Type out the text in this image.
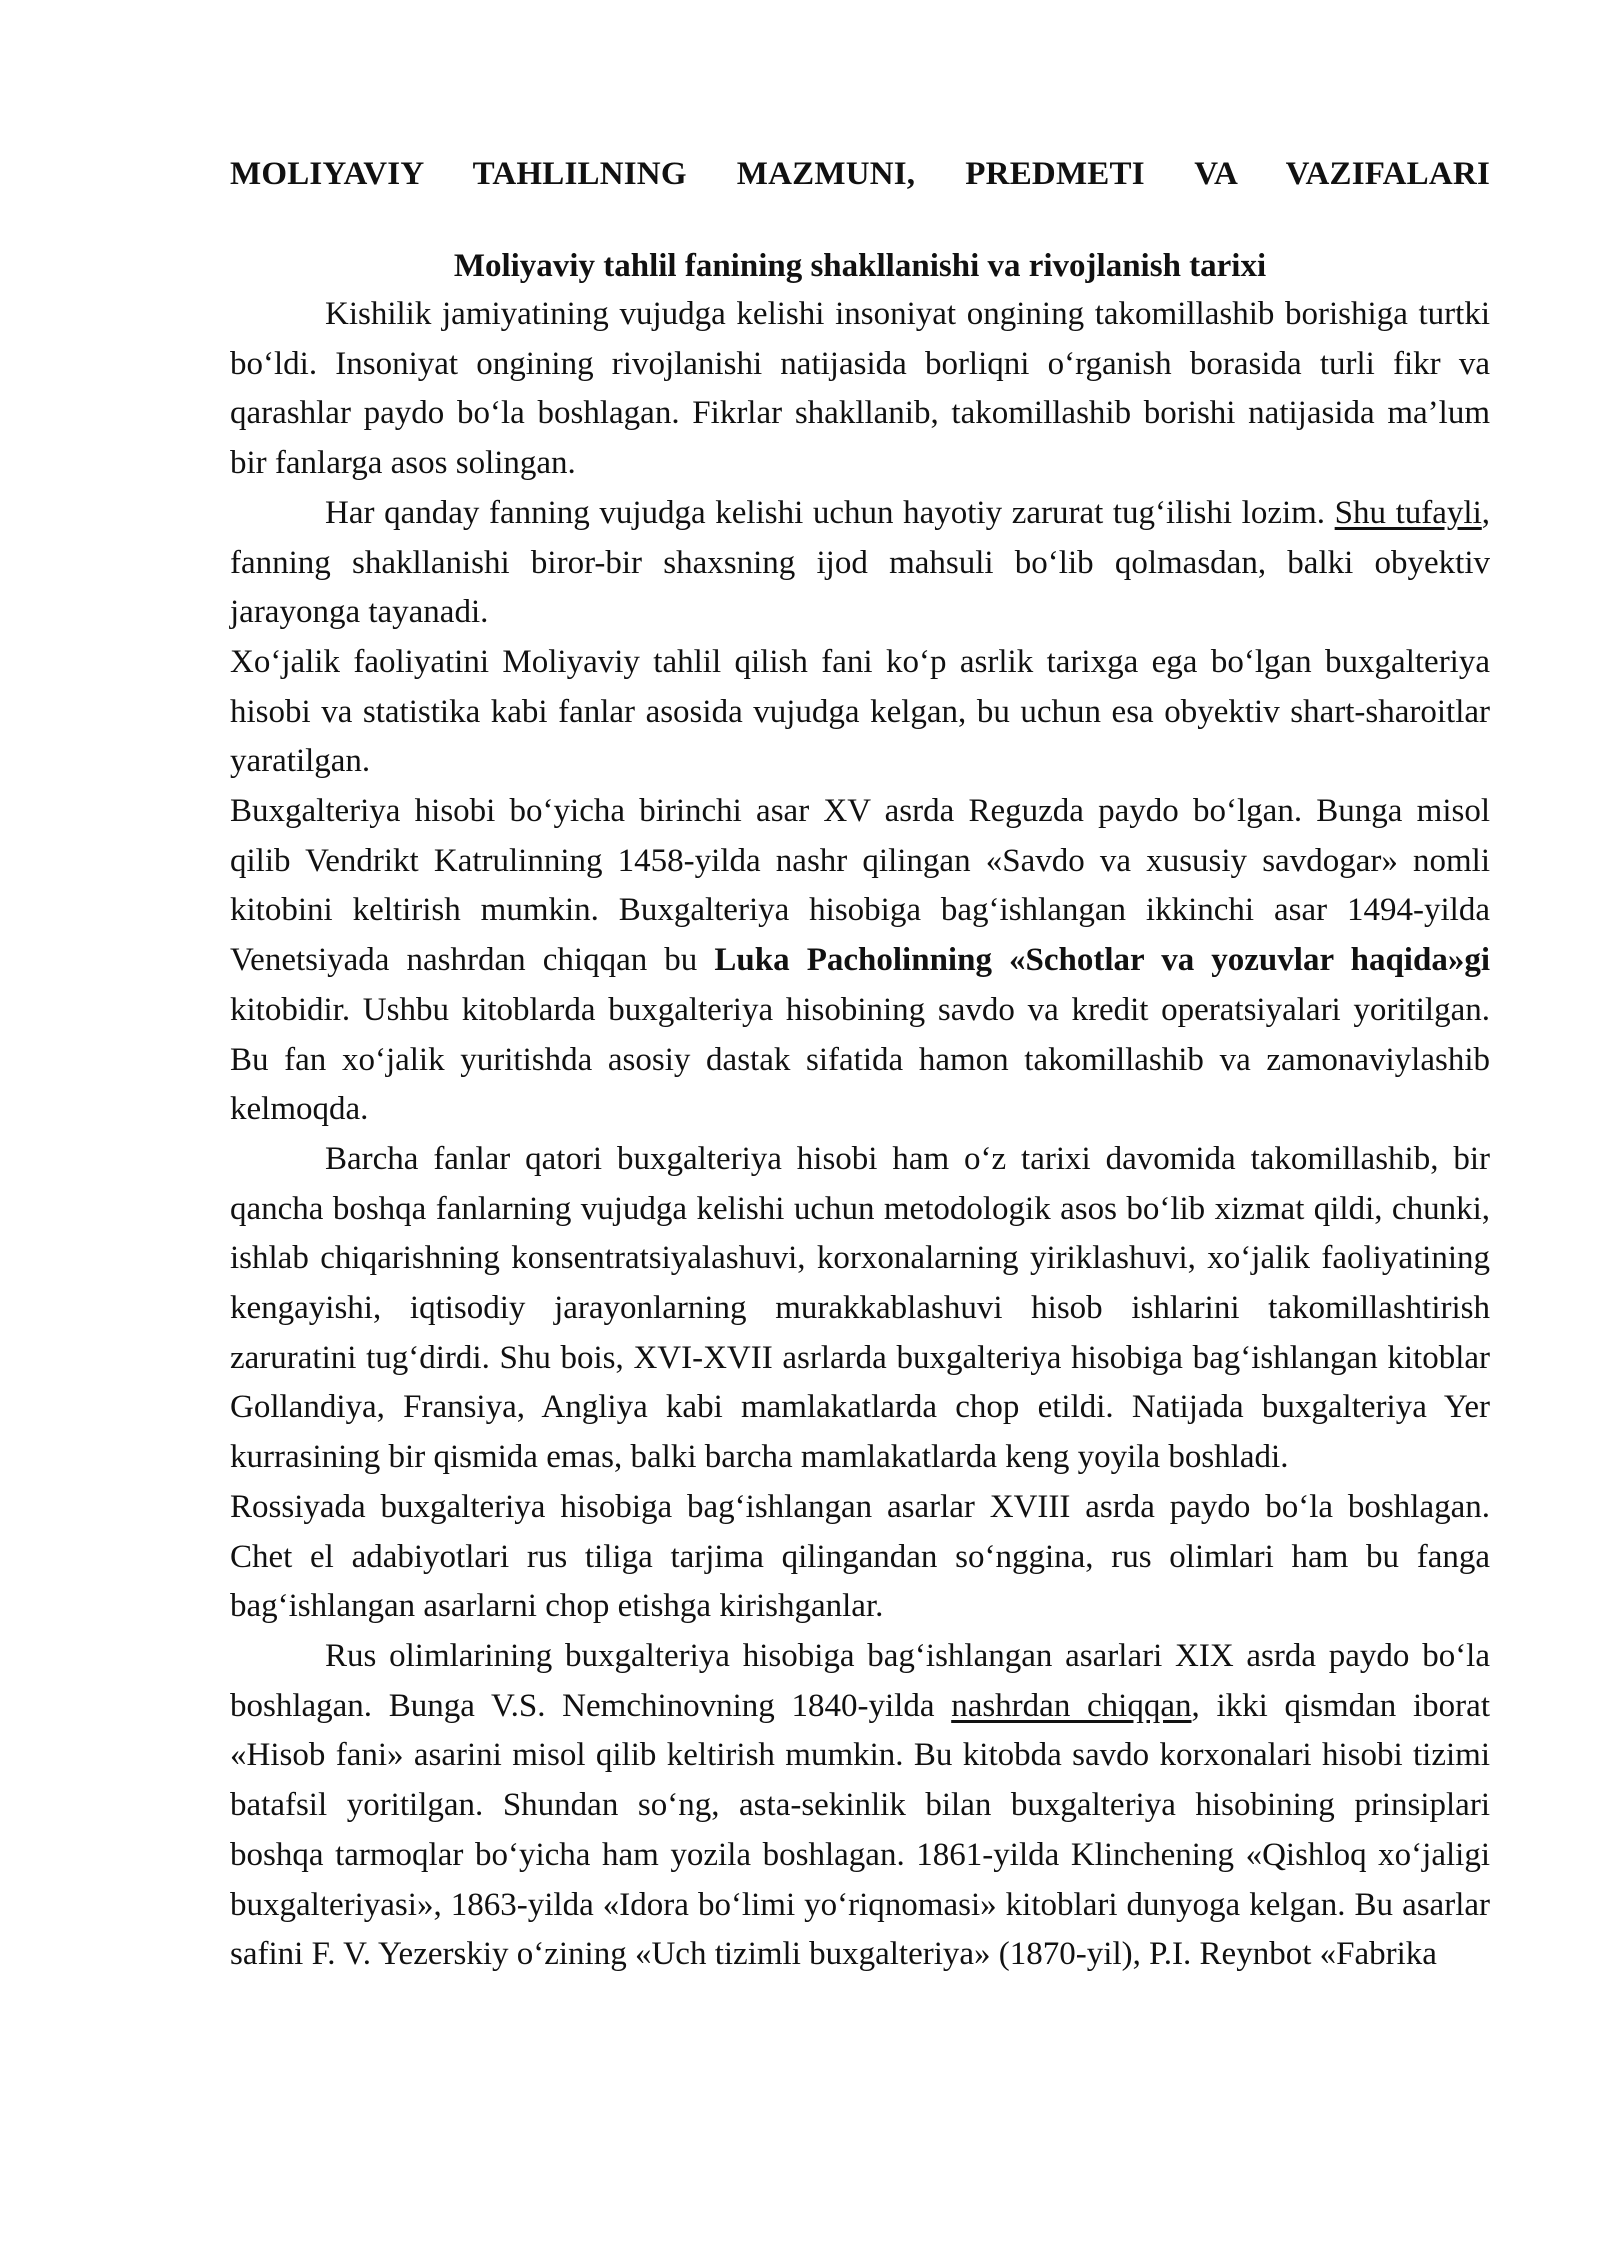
MOLIYAVIY TAHLILNING MAZMUNI, PREDMETI VA VAZIFALARI
Moliyaviy tahlil fanining shakllanishi va rivojlanish tarixi

Kishilik jamiyatining vujudga kelishi insoniyat ongining takomillashib borishiga turtki bo‘ldi. Insoniyat ongining rivojlanishi natijasida borliqni o‘rganish borasida turli fikr va qarashlar paydo bo‘la boshlagan. Fikrlar shakllanib, takomillashib borishi natijasida ma’lum bir fanlarga asos solingan.

Har qanday fanning vujudga kelishi uchun hayotiy zarurat tug‘ilishi lozim. Shu tufayli, fanning shakllanishi biror-bir shaxsning ijod mahsuli bo‘lib qolmasdan, balki obyektiv jarayonga tayanadi.

Xo‘jalik faoliyatini Moliyaviy tahlil qilish fani ko‘p asrlik tarixga ega bo‘lgan buxgalteriya hisobi va statistika kabi fanlar asosida vujudga kelgan, bu uchun esa obyektiv shart-sharoitlar yaratilgan.

Buxgalteriya hisobi bo‘yicha birinchi asar XV asrda Reguzda paydo bo‘lgan. Bunga misol qilib Vendrikt Katrulinning 1458-yilda nashr qilingan «Savdo va xususiy savdogar» nomli kitobini keltirish mumkin. Buxgalteriya hisobiga bag‘ishlangan ikkinchi asar 1494-yilda Venetsiyada nashrdan chiqqan bu Luka Pacholinning «Schotlar va yozuvlar haqida»gi kitobidir. Ushbu kitoblarda buxgalteriya hisobining savdo va kredit operatsiyalari yoritilgan. Bu fan xo‘jalik yuritishda asosiy dastak sifatida hamon takomillashib va zamonaviylashib kelmoqda.

Barcha fanlar qatori buxgalteriya hisobi ham o‘z tarixi davomida takomillashib, bir qancha boshqa fanlarning vujudga kelishi uchun metodologik asos bo‘lib xizmat qildi, chunki, ishlab chiqarishning konsentratsiyalashuvi, korxonalarning yiriklashuvi, xo‘jalik faoliyatining kengayishi, iqtisodiy jarayonlarning murakkablashuvi hisob ishlarini takomillashtirish zaruratini tug‘dirdi. Shu bois, XVI-XVII asrlarda buxgalteriya hisobiga bag‘ishlangan kitoblar Gollandiya, Fransiya, Angliya kabi mamlakatlarda chop etildi. Natijada buxgalteriya Yer kurrasining bir qismida emas, balki barcha mamlakatlarda keng yoyila boshladi.

Rossiyada buxgalteriya hisobiga bag‘ishlangan asarlar XVIII asrda paydo bo‘la boshlagan. Chet el adabiyotlari rus tiliga tarjima qilingandan so‘nggina, rus olimlari ham bu fanga bag‘ishlangan asarlarni chop etishga kirishganlar.

Rus olimlarining buxgalteriya hisobiga bag‘ishlangan asarlari XIX asrda paydo bo‘la boshlagan. Bunga V.S. Nemchinovning 1840-yilda nashrdan chiqqan, ikki qismdan iborat «Hisob fani» asarini misol qilib keltirish mumkin. Bu kitobda savdo korxonalari hisobi tizimi batafsil yoritilgan. Shundan so‘ng, asta-sekinlik bilan buxgalteriya hisobining prinsiplari boshqa tarmoqlar bo‘yicha ham yozila boshlagan. 1861-yilda Klinchening «Qishloq xo‘jaligi buxgalteriyasi», 1863-yilda «Idora bo‘limi yo‘riqnomasi» kitoblari dunyoga kelgan. Bu asarlar safini F. V. Yezerskiy o‘zining «Uch tizimli buxgalteriya» (1870-yil), P.I. Reynbot «Fabrika
